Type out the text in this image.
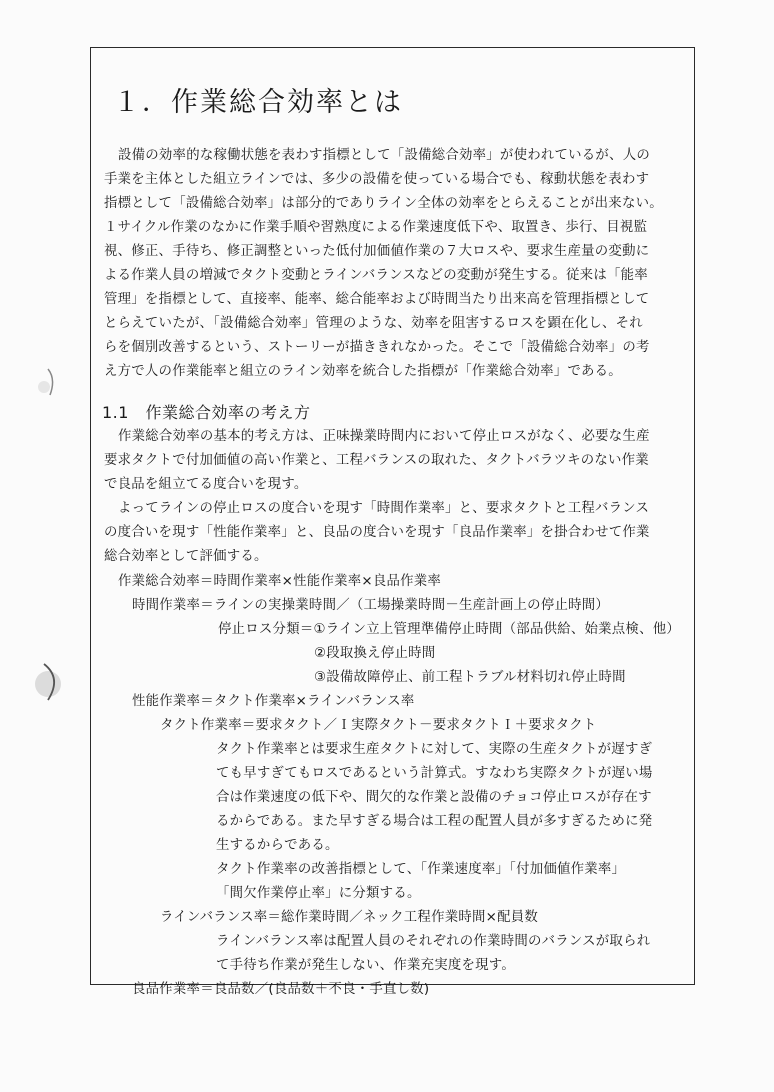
１．作業総合効率とは
設備の効率的な稼働状態を表わす指標として「設備総合効率」が使われているが、人の
手業を主体とした組立ラインでは、多少の設備を使っている場合でも、稼動状態を表わす
指標として「設備総合効率」は部分的でありライン全体の効率をとらえることが出来ない。
１サイクル作業のなかに作業手順や習熟度による作業速度低下や、取置き、歩行、目視監
視、修正、手待ち、修正調整といった低付加価値作業の７大ロスや、要求生産量の変動に
よる作業人員の増減でタクト変動とラインバランスなどの変動が発生する。従来は「能率
管理」を指標として、直接率、能率、総合能率および時間当たり出来高を管理指標として
とらえていたが、「設備総合効率」管理のような、効率を阻害するロスを顕在化し、それ
らを個別改善するという、ストーリーが描ききれなかった。そこで「設備総合効率」の考
え方で人の作業能率と組立のライン効率を統合した指標が「作業総合効率」である。
1.1　作業総合効率の考え方
作業総合効率の基本的考え方は、正味操業時間内において停止ロスがなく、必要な生産
要求タクトで付加価値の高い作業と、工程バランスの取れた、タクトバラツキのない作業
で良品を組立てる度合いを現す。
よってラインの停止ロスの度合いを現す「時間作業率」と、要求タクトと工程バランス
の度合いを現す「性能作業率」と、良品の度合いを現す「良品作業率」を掛合わせて作業
総合効率として評価する。
作業総合効率＝時間作業率×性能作業率×良品作業率
時間作業率＝ラインの実操業時間／（工場操業時間－生産計画上の停止時間）
停止ロス分類＝①ライン立上管理準備停止時間（部品供給、始業点検、他）
②段取換え停止時間
③設備故障停止、前工程トラブル材料切れ停止時間
性能作業率＝タクト作業率×ラインバランス率
タクト作業率＝要求タクト／Ｉ実際タクト－要求タクトＩ＋要求タクト
タクト作業率とは要求生産タクトに対して、実際の生産タクトが遅すぎ
ても早すぎてもロスであるという計算式。すなわち実際タクトが遅い場
合は作業速度の低下や、間欠的な作業と設備のチョコ停止ロスが存在す
るからである。また早すぎる場合は工程の配置人員が多すぎるために発
生するからである。
タクト作業率の改善指標として、「作業速度率」「付加価値作業率」
「間欠作業停止率」に分類する。
ラインバランス率＝総作業時間／ネック工程作業時間×配員数
ラインバランス率は配置人員のそれぞれの作業時間のバランスが取られ
て手待ち作業が発生しない、作業充実度を現す。
良品作業率＝良品数／(良品数＋不良・手直し数)
